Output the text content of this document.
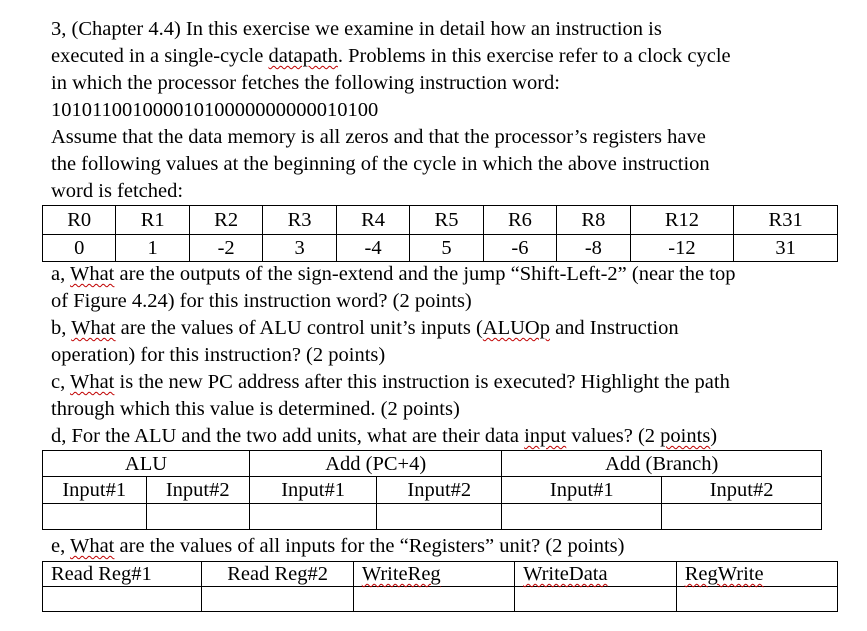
3, (Chapter 4.4) In this exercise we examine in detail how an instruction is
executed in a single-cycle datapath. Problems in this exercise refer to a clock cycle
in which the processor fetches the following instruction word:
10101100100001010000000000010100
Assume that the data memory is all zeros and that the processor’s registers have
the following values at the beginning of the cycle in which the above instruction
word is fetched:
R0	R1	R2	R3	R4	R5	R6	R8	R12	R31
0	1	-2	3	-4	5	-6	-8	-12	31
a, What are the outputs of the sign-extend and the jump “Shift-Left-2” (near the top
of Figure 4.24) for this instruction word? (2 points)
b, What are the values of ALU control unit’s inputs (ALUOp and Instruction
operation) for this instruction? (2 points)
c, What is the new PC address after this instruction is executed? Highlight the path
through which this value is determined. (2 points)
d, For the ALU and the two add units, what are their data input values? (2 points)
ALU		Add (PC+4)		Add (Branch)	
Input#1	Input#2	Input#1	Input#2	Input#1	Input#2

e, What are the values of all inputs for the “Registers” unit? (2 points)
Read Reg#1	Read Reg#2	WriteReg	WriteData	RegWrite
